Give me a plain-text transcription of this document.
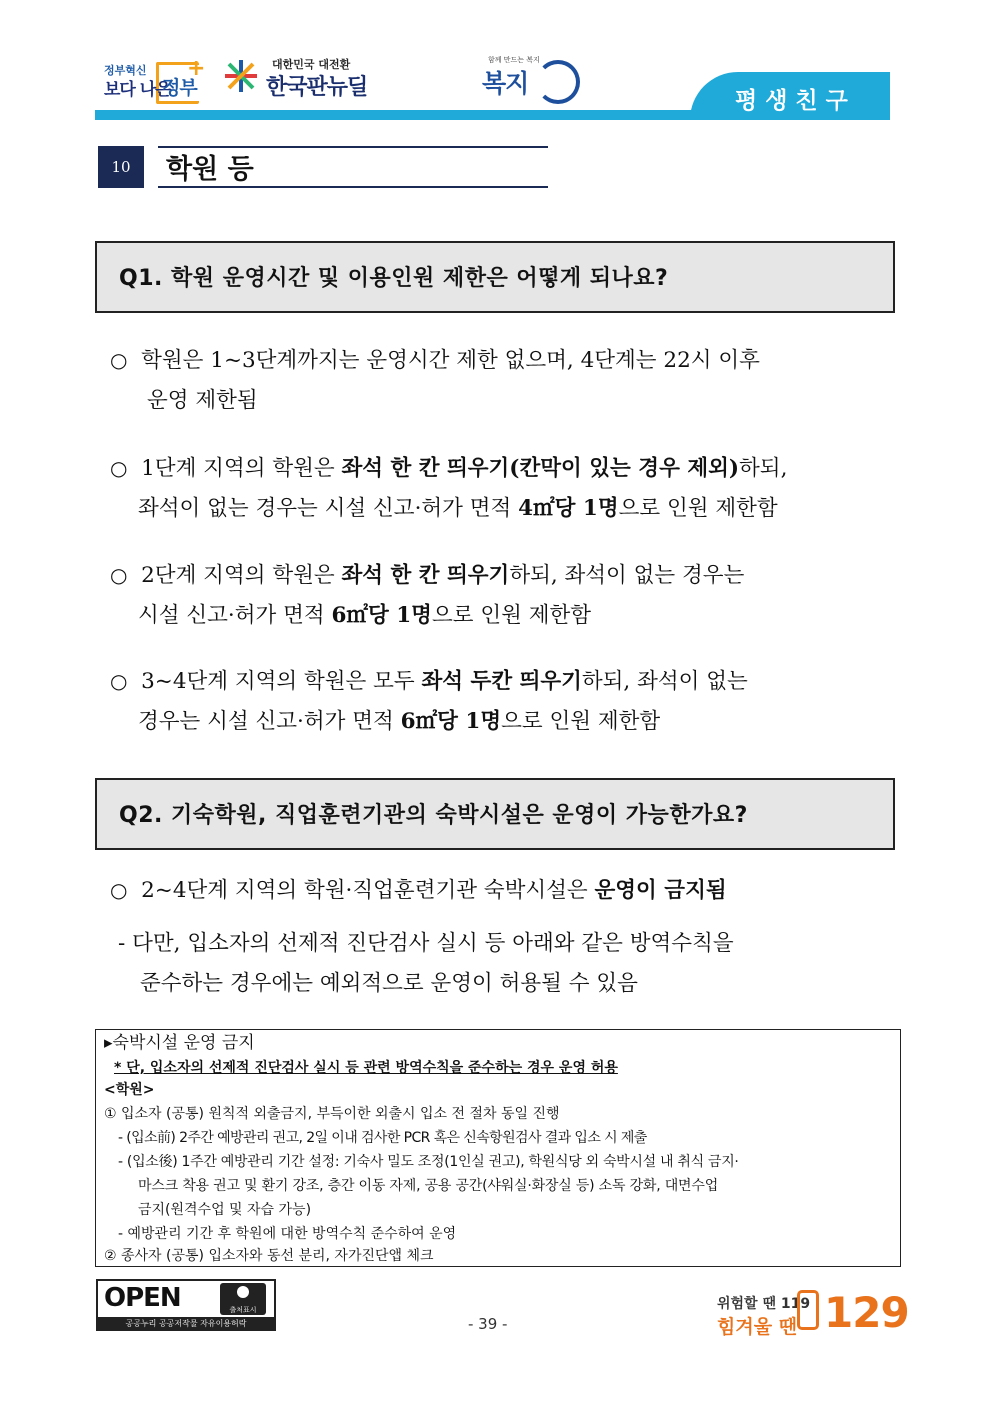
+
정부혁신
보다 나은
정부
대한민국 대전환
한국판뉴딜
함께 만드는 복지
복지
평생친구
10	학원 등
Q1. 학원 운영시간 및 이용인원 제한은 어떻게 되나요?
○ 학원은 1~3단계까지는 운영시간 제한 없으며, 4단계는 22시 이후
운영 제한됨
○ 1단계 지역의 학원은 좌석 한 칸 띄우기(칸막이 있는 경우 제외)하되,
좌석이 없는 경우는 시설 신고·허가 면적 4㎡당 1명으로 인원 제한함
○ 2단계 지역의 학원은 좌석 한 칸 띄우기하되, 좌석이 없는 경우는
시설 신고·허가 면적 6㎡당 1명으로 인원 제한함
○ 3~4단계 지역의 학원은 모두 좌석 두칸 띄우기하되, 좌석이 없는
경우는 시설 신고·허가 면적 6㎡당 1명으로 인원 제한함
Q2. 기숙학원, 직업훈련기관의 숙박시설은 운영이 가능한가요?
○ 2~4단계 지역의 학원·직업훈련기관 숙박시설은 운영이 금지됨
- 다만, 입소자의 선제적 진단검사 실시 등 아래와 같은 방역수칙을
준수하는 경우에는 예외적으로 운영이 허용될 수 있음
▸숙박시설 운영 금지
* 단, 입소자의 선제적 진단검사 실시 등 관련 방역수칙을 준수하는 경우 운영 허용
<학원>
① 입소자 (공통) 원칙적 외출금지, 부득이한 외출시 입소 전 절차 동일 진행
- (입소前) 2주간 예방관리 권고, 2일 이내 검사한 PCR 혹은 신속항원검사 결과 입소 시 제출
- (입소後) 1주간 예방관리 기간 설정: 기숙사 밀도 조정(1인실 권고), 학원식당 외 숙박시설 내 취식 금지·
마스크 착용 권고 및 환기 강조, 층간 이동 자제, 공용 공간(샤워실·화장실 등) 소독 강화, 대면수업
금지(원격수업 및 자습 가능)
- 예방관리 기간 후 학원에 대한 방역수칙 준수하여 운영
② 종사자 (공통) 입소자와 동선 분리, 자가진단앱 체크
OPEN	출처표시
공공누리 공공저작물 자유이용허락	- 39 -
위험할 땐 119
힘겨울 땐 129
